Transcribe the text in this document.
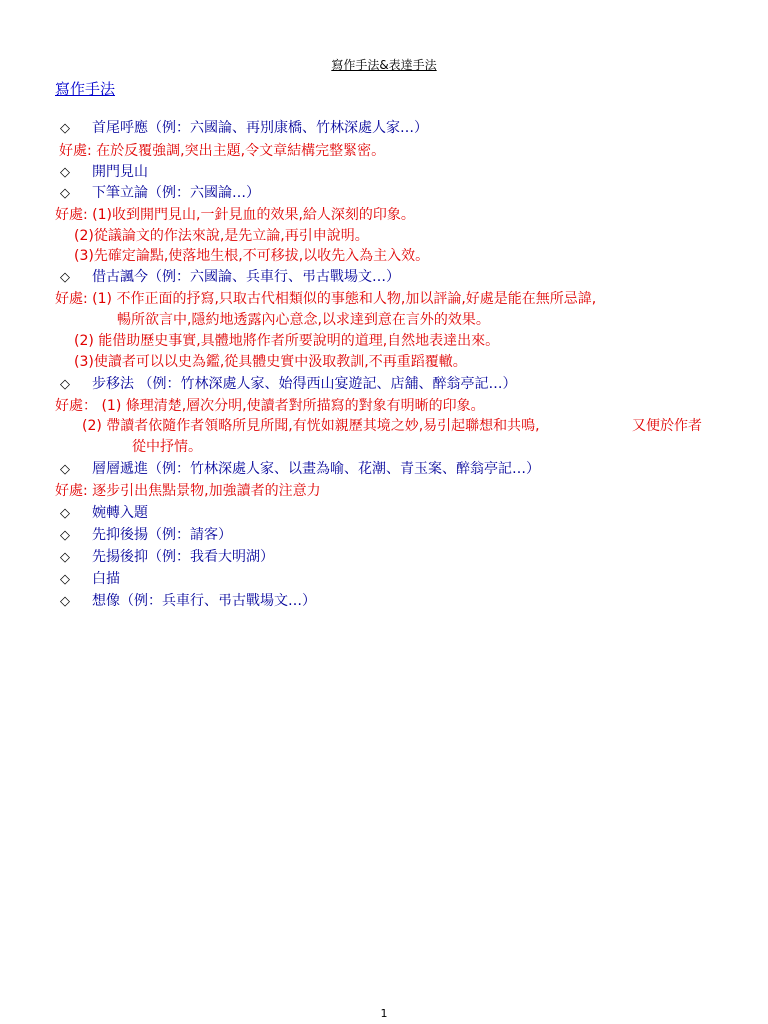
寫作手法&表達手法
寫作手法
◇ 首尾呼應（例：六國論、再別康橋、竹林深處人家…）
好處: 在於反覆強調,突出主題,令文章結構完整緊密。
◇ 開門見山
◇ 下筆立論（例：六國論…）
好處: (1)收到開門見山,一針見血的效果,給人深刻的印象。
(2)從議論文的作法來說,是先立論,再引申說明。
(3)先確定論點,使落地生根,不可移拔,以收先入為主入效。
◇ 借古諷今（例：六國論、兵車行、弔古戰場文…）
好處: (1) 不作正面的抒寫,只取古代相類似的事態和人物,加以評論,好處是能在無所忌諱,
暢所欲言中,隱約地透露內心意念,以求達到意在言外的效果。
(2) 能借助歷史事實,具體地將作者所要說明的道理,自然地表達出來。
(3)使讀者可以以史為鑑,從具體史實中汲取教訓,不再重蹈覆轍。
◇ 步移法 （例：竹林深處人家、始得西山宴遊記、店舖、醉翁亭記…）
好處： (1) 條理清楚,層次分明,使讀者對所描寫的對象有明晰的印象。
(2) 帶讀者依隨作者領略所見所聞,有恍如親歷其境之妙,易引起聯想和共鳴,	又便於作者
從中抒情。
◇ 層層遞進（例：竹林深處人家、以畫為喻、花潮、青玉案、醉翁亭記…）
好處: 逐步引出焦點景物,加強讀者的注意力
◇ 婉轉入題
◇ 先抑後揚（例：請客）
◇ 先揚後抑（例：我看大明湖）
◇ 白描
◇ 想像（例：兵車行、弔古戰場文…）
1
